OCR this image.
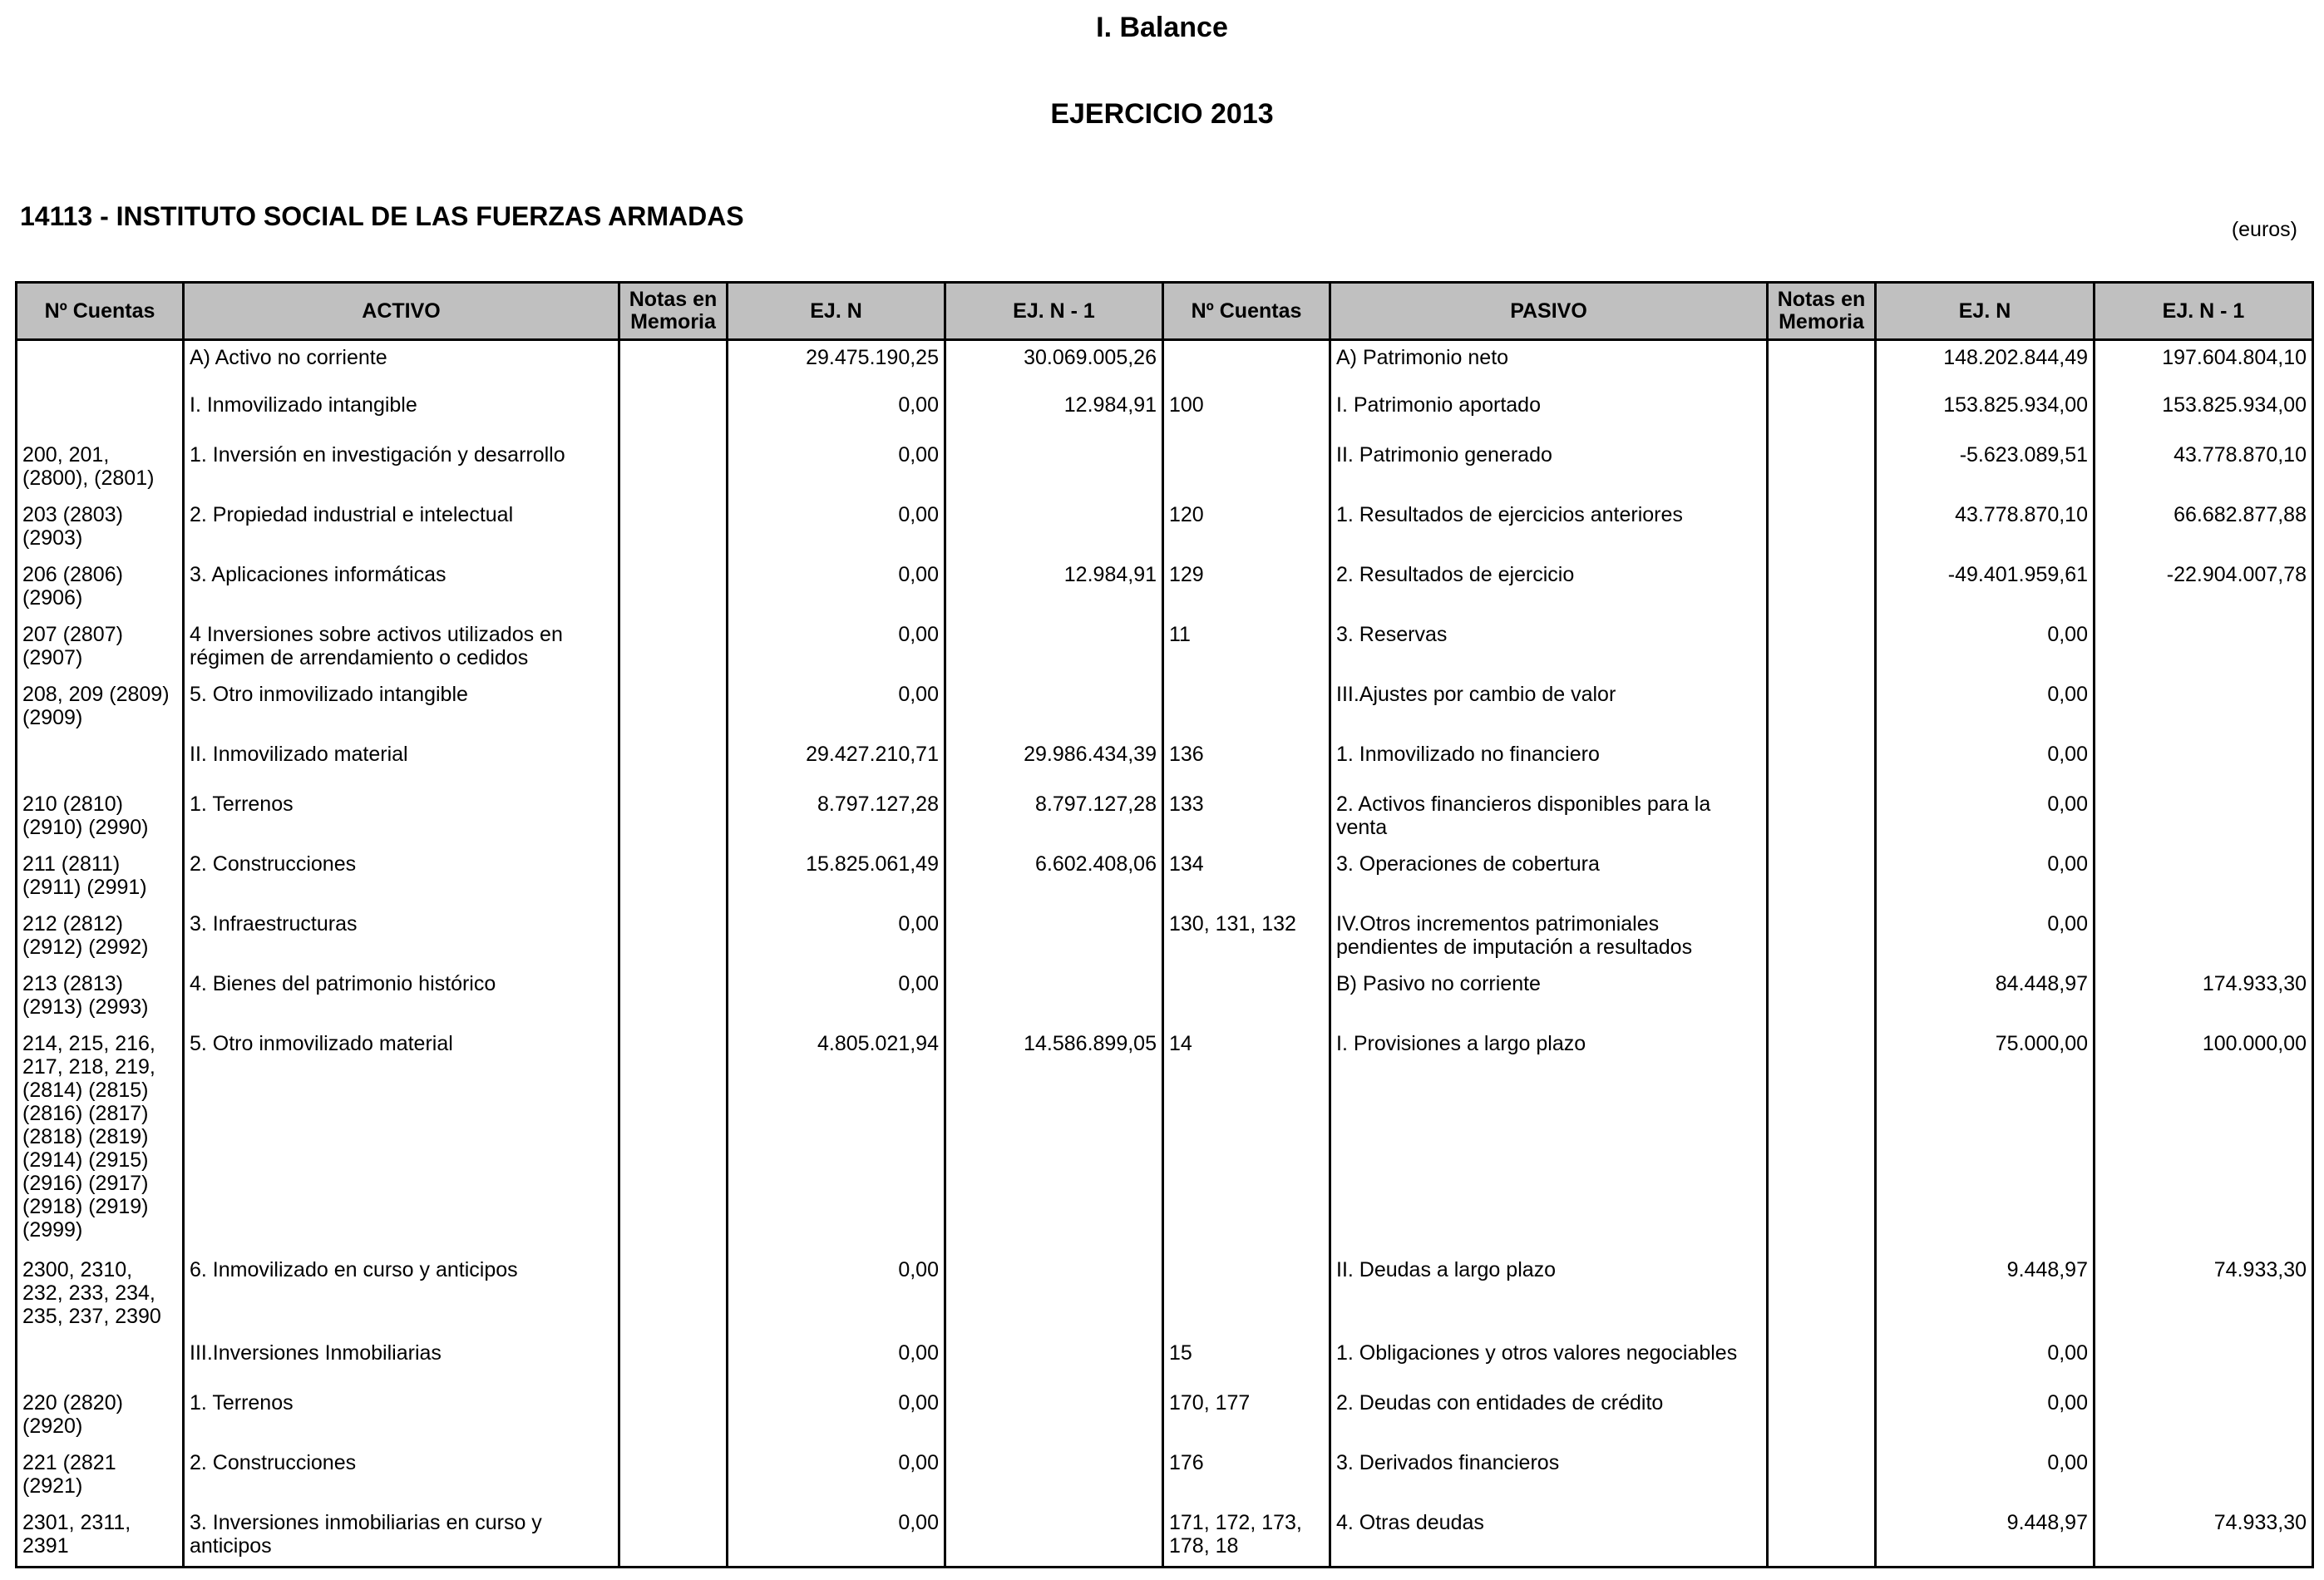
I. Balance
EJERCICIO 2013
14113 - INSTITUTO SOCIAL DE LAS FUERZAS ARMADAS	(euros)
Nº Cuentas	ACTIVO	Notas en Memoria	EJ. N	EJ. N - 1	Nº Cuentas	PASIVO	Notas en Memoria	EJ. N	EJ. N - 1
	A) Activo no corriente		29.475.190,25	30.069.005,26		A) Patrimonio neto		148.202.844,49	197.604.804,10
	I. Inmovilizado intangible		0,00	12.984,91	100	I. Patrimonio aportado		153.825.934,00	153.825.934,00
200, 201, (2800), (2801)	1. Inversión en investigación y desarrollo		0,00			II. Patrimonio generado		-5.623.089,51	43.778.870,10
203 (2803) (2903)	2. Propiedad industrial e intelectual		0,00		120	1. Resultados de ejercicios anteriores		43.778.870,10	66.682.877,88
206 (2806) (2906)	3. Aplicaciones informáticas		0,00	12.984,91	129	2. Resultados de ejercicio		-49.401.959,61	-22.904.007,78
207 (2807) (2907)	4 Inversiones sobre activos utilizados en régimen de arrendamiento o cedidos		0,00		11	3. Reservas		0,00	
208, 209 (2809) (2909)	5. Otro inmovilizado intangible		0,00			III.Ajustes por cambio de valor		0,00	
	II. Inmovilizado material		29.427.210,71	29.986.434,39	136	1. Inmovilizado no financiero		0,00	
210 (2810) (2910) (2990)	1. Terrenos		8.797.127,28	8.797.127,28	133	2. Activos financieros disponibles para la venta		0,00	
211 (2811) (2911) (2991)	2. Construcciones		15.825.061,49	6.602.408,06	134	3. Operaciones de cobertura		0,00	
212 (2812) (2912) (2992)	3. Infraestructuras		0,00		130, 131, 132	IV.Otros incrementos patrimoniales pendientes de imputación a resultados		0,00	
213 (2813) (2913) (2993)	4. Bienes del patrimonio histórico		0,00			B) Pasivo no corriente		84.448,97	174.933,30
214, 215, 216, 217, 218, 219, (2814) (2815) (2816) (2817) (2818) (2819) (2914) (2915) (2916) (2917) (2918) (2919) (2999)	5. Otro inmovilizado material		4.805.021,94	14.586.899,05	14	I. Provisiones a largo plazo		75.000,00	100.000,00
2300, 2310, 232, 233, 234, 235, 237, 2390	6. Inmovilizado en curso y anticipos		0,00			II. Deudas a largo plazo		9.448,97	74.933,30
	III.Inversiones Inmobiliarias		0,00		15	1. Obligaciones y otros valores negociables		0,00	
220 (2820) (2920)	1. Terrenos		0,00		170, 177	2. Deudas con entidades de crédito		0,00	
221 (2821 (2921)	2. Construcciones		0,00		176	3. Derivados financieros		0,00	
2301, 2311, 2391	3. Inversiones inmobiliarias en curso y anticipos		0,00		171, 172, 173, 178, 18	4. Otras deudas		9.448,97	74.933,30
